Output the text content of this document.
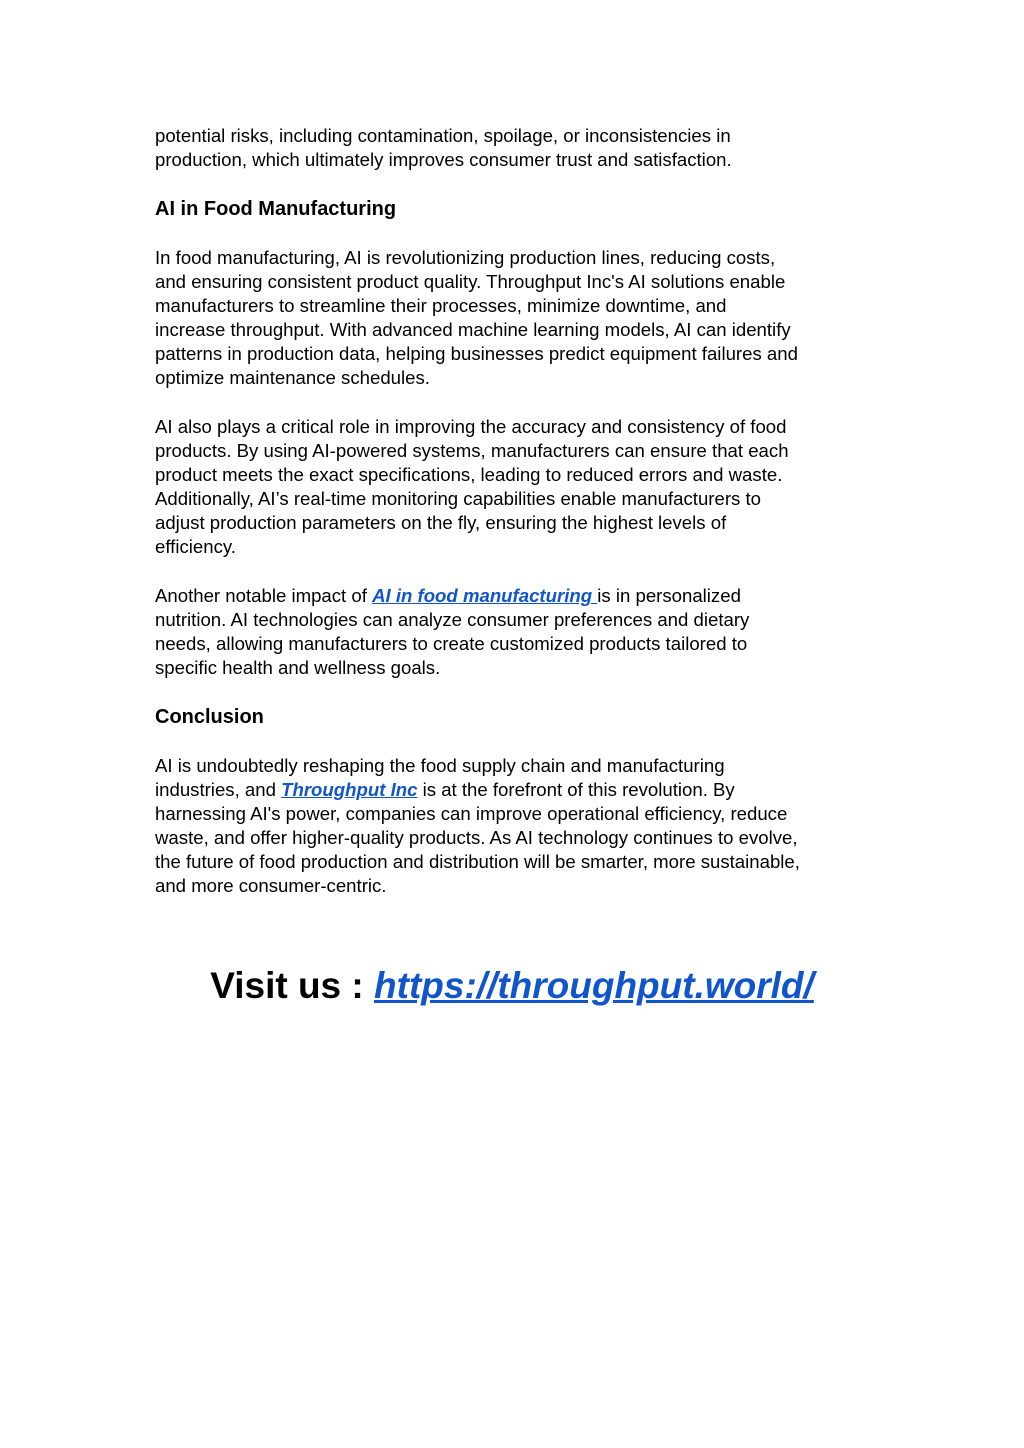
potential risks, including contamination, spoilage, or inconsistencies in
production, which ultimately improves consumer trust and satisfaction.

AI in Food Manufacturing

In food manufacturing, AI is revolutionizing production lines, reducing costs,
and ensuring consistent product quality. Throughput Inc's AI solutions enable
manufacturers to streamline their processes, minimize downtime, and
increase throughput. With advanced machine learning models, AI can identify
patterns in production data, helping businesses predict equipment failures and
optimize maintenance schedules.

AI also plays a critical role in improving the accuracy and consistency of food
products. By using AI-powered systems, manufacturers can ensure that each
product meets the exact specifications, leading to reduced errors and waste.
Additionally, AI’s real-time monitoring capabilities enable manufacturers to
adjust production parameters on the fly, ensuring the highest levels of
efficiency.

Another notable impact of AI in food manufacturing is in personalized
nutrition. AI technologies can analyze consumer preferences and dietary
needs, allowing manufacturers to create customized products tailored to
specific health and wellness goals.

Conclusion

AI is undoubtedly reshaping the food supply chain and manufacturing
industries, and Throughput Inc is at the forefront of this revolution. By
harnessing AI's power, companies can improve operational efficiency, reduce
waste, and offer higher-quality products. As AI technology continues to evolve,
the future of food production and distribution will be smarter, more sustainable,
and more consumer-centric.

Visit us : https://throughput.world/
